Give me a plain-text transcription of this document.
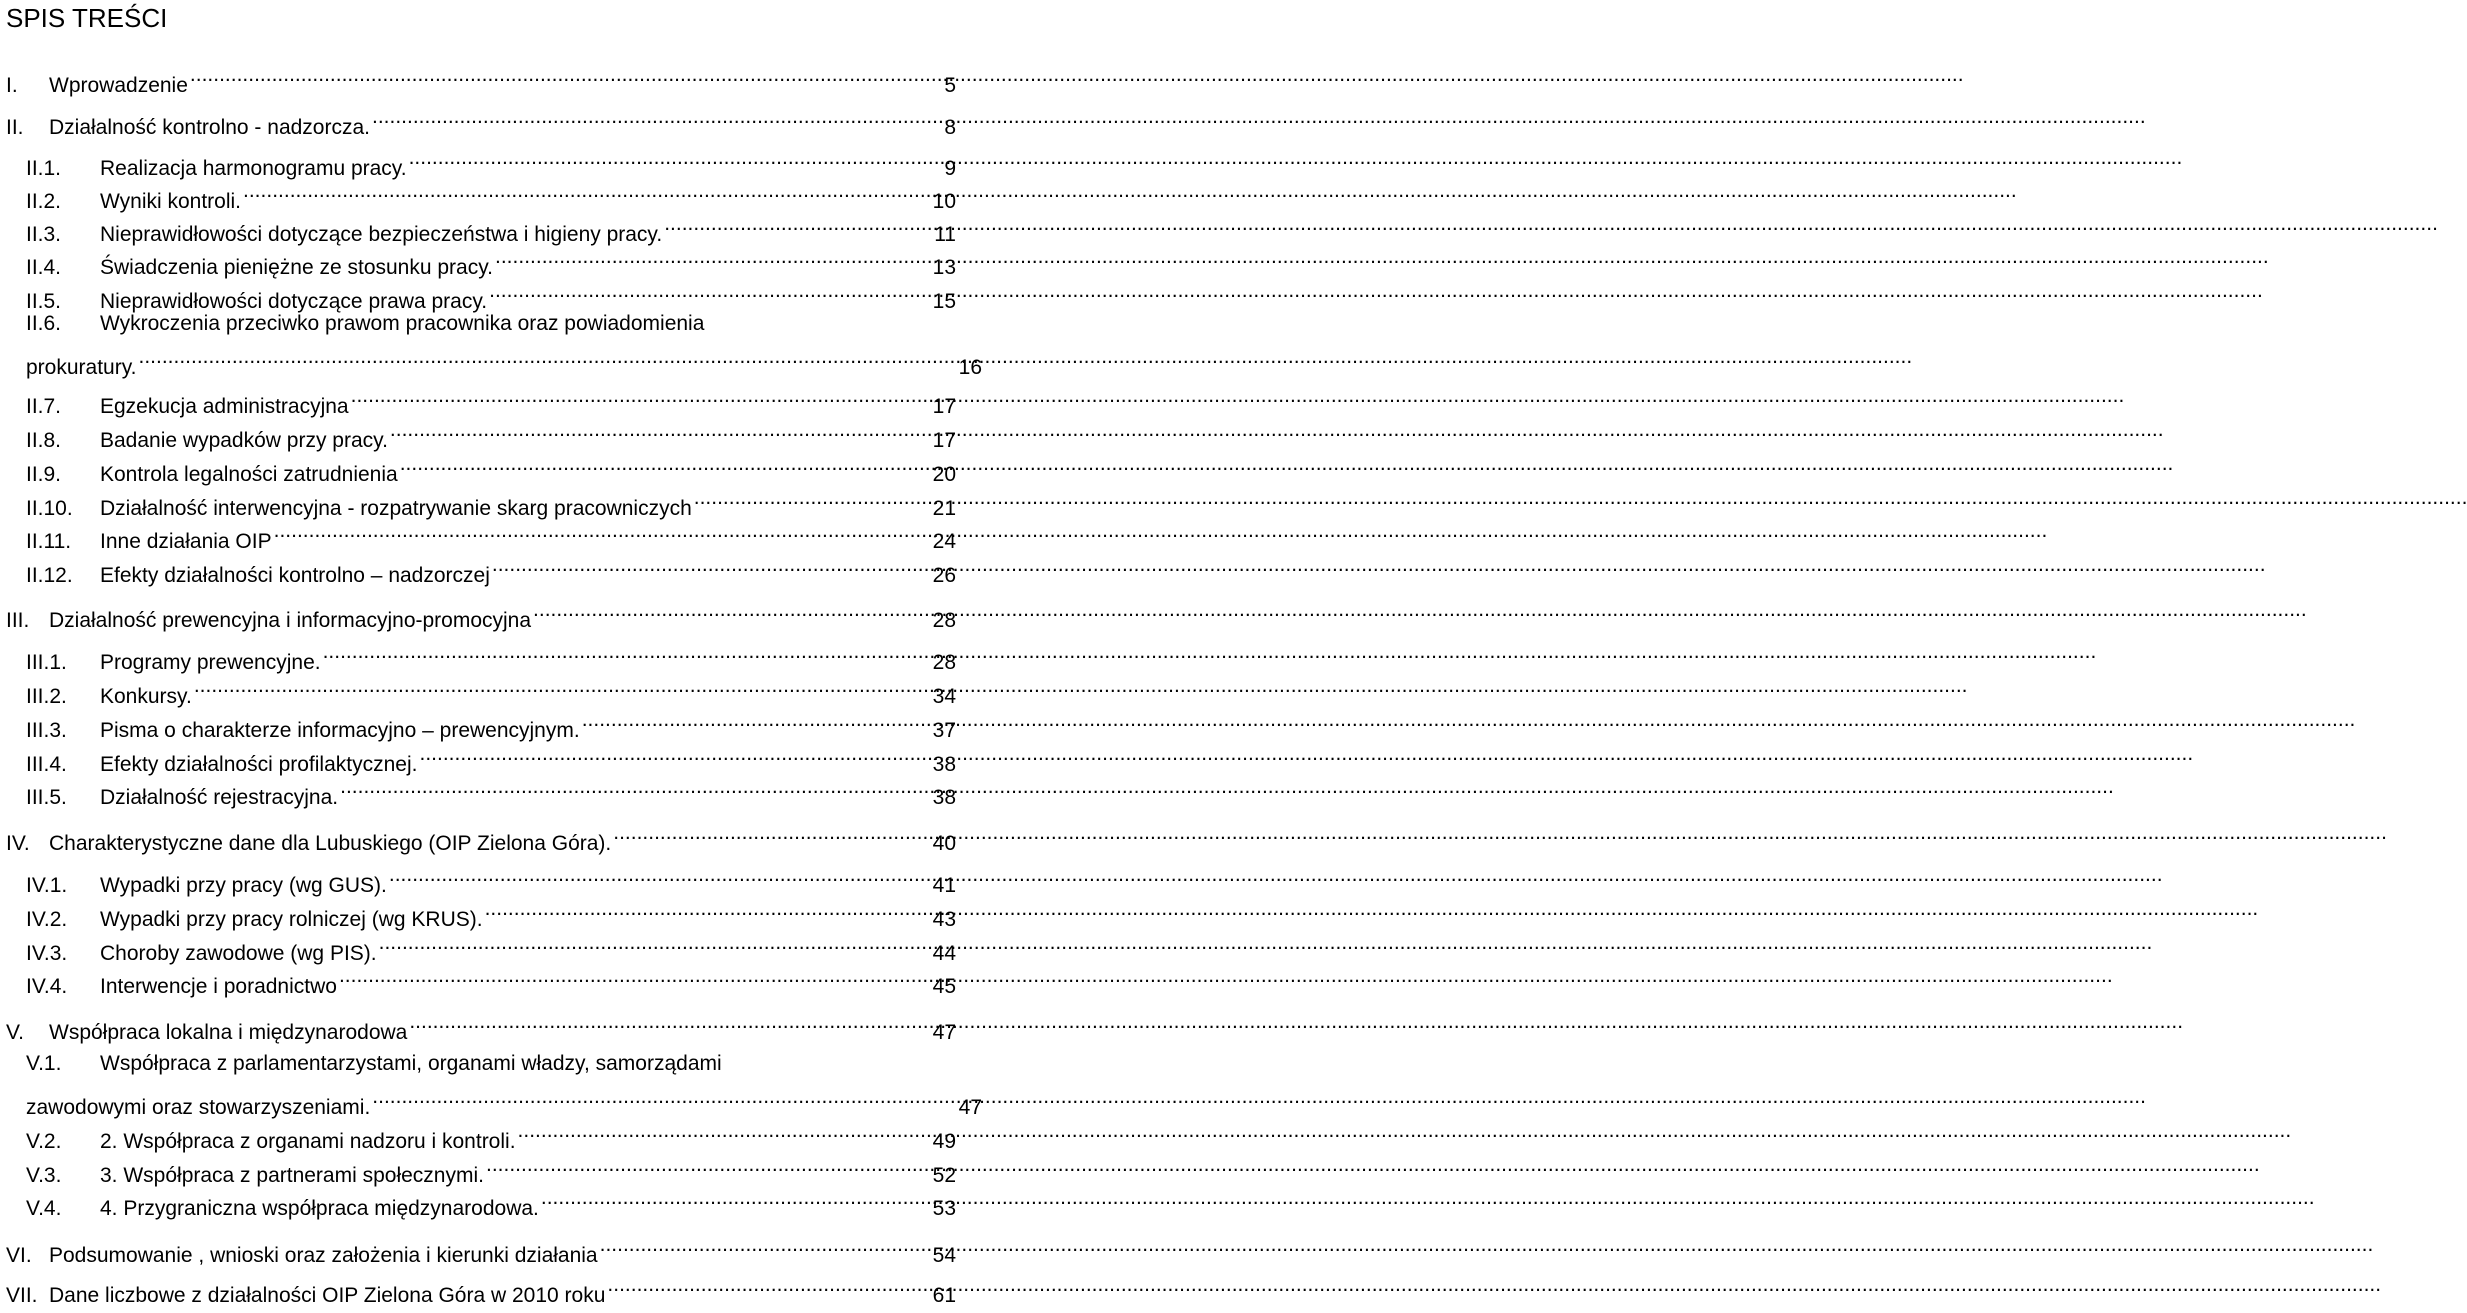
SPIS TREŚCI
I.	Wprowadzenie .....	5
II.	Działalność kontrolno - nadzorcza. .....	8
II.1.	Realizacja harmonogramu pracy. .....	9
II.2.	Wyniki kontroli. .....	10
II.3.	Nieprawidłowości dotyczące bezpieczeństwa i higieny pracy. .....	11
II.4.	Świadczenia pieniężne ze stosunku pracy. .....	13
II.5.	Nieprawidłowości dotyczące prawa pracy. .....	15
II.6.	Wykroczenia przeciwko prawom pracownika oraz powiadomienia
prokuratury. .....	16
II.7.	Egzekucja administracyjna .....	17
II.8.	Badanie wypadków przy pracy. .....	17
II.9.	Kontrola legalności zatrudnienia .....	20
II.10.	Działalność interwencyjna - rozpatrywanie skarg pracowniczych .....	21
II.11.	Inne działania OIP .....	24
II.12.	Efekty działalności kontrolno – nadzorczej .....	26
III. Działalność prewencyjna i informacyjno-promocyjna .....	28
III.1.	Programy prewencyjne. .....	28
III.2.	Konkursy. .....	34
III.3.	Pisma o charakterze informacyjno – prewencyjnym. .....	37
III.4.	Efekty działalności profilaktycznej. .....	38
III.5.	Działalność rejestracyjna. .....	38
IV. Charakterystyczne dane dla Lubuskiego (OIP Zielona Góra). .....	40
IV.1.	Wypadki przy pracy (wg GUS). .....	41
IV.2.	Wypadki przy pracy rolniczej (wg KRUS). .....	43
IV.3.	Choroby zawodowe (wg PIS). .....	44
IV.4.	Interwencje i poradnictwo .....	45
V.	Współpraca lokalna i międzynarodowa .....	47
V.1.	Współpraca z parlamentarzystami, organami władzy, samorządami
zawodowymi oraz stowarzyszeniami. .....	47
V.2.	2. Współpraca z organami nadzoru i kontroli. .....	49
V.3.	3. Współpraca z partnerami społecznymi. .....	52
V.4.	4. Przygraniczna współpraca międzynarodowa. .....	53
VI. Podsumowanie , wnioski oraz założenia i kierunki działania .....	54
VII. Dane liczbowe z działalności OIP Zielona Góra w 2010 roku .....	61
